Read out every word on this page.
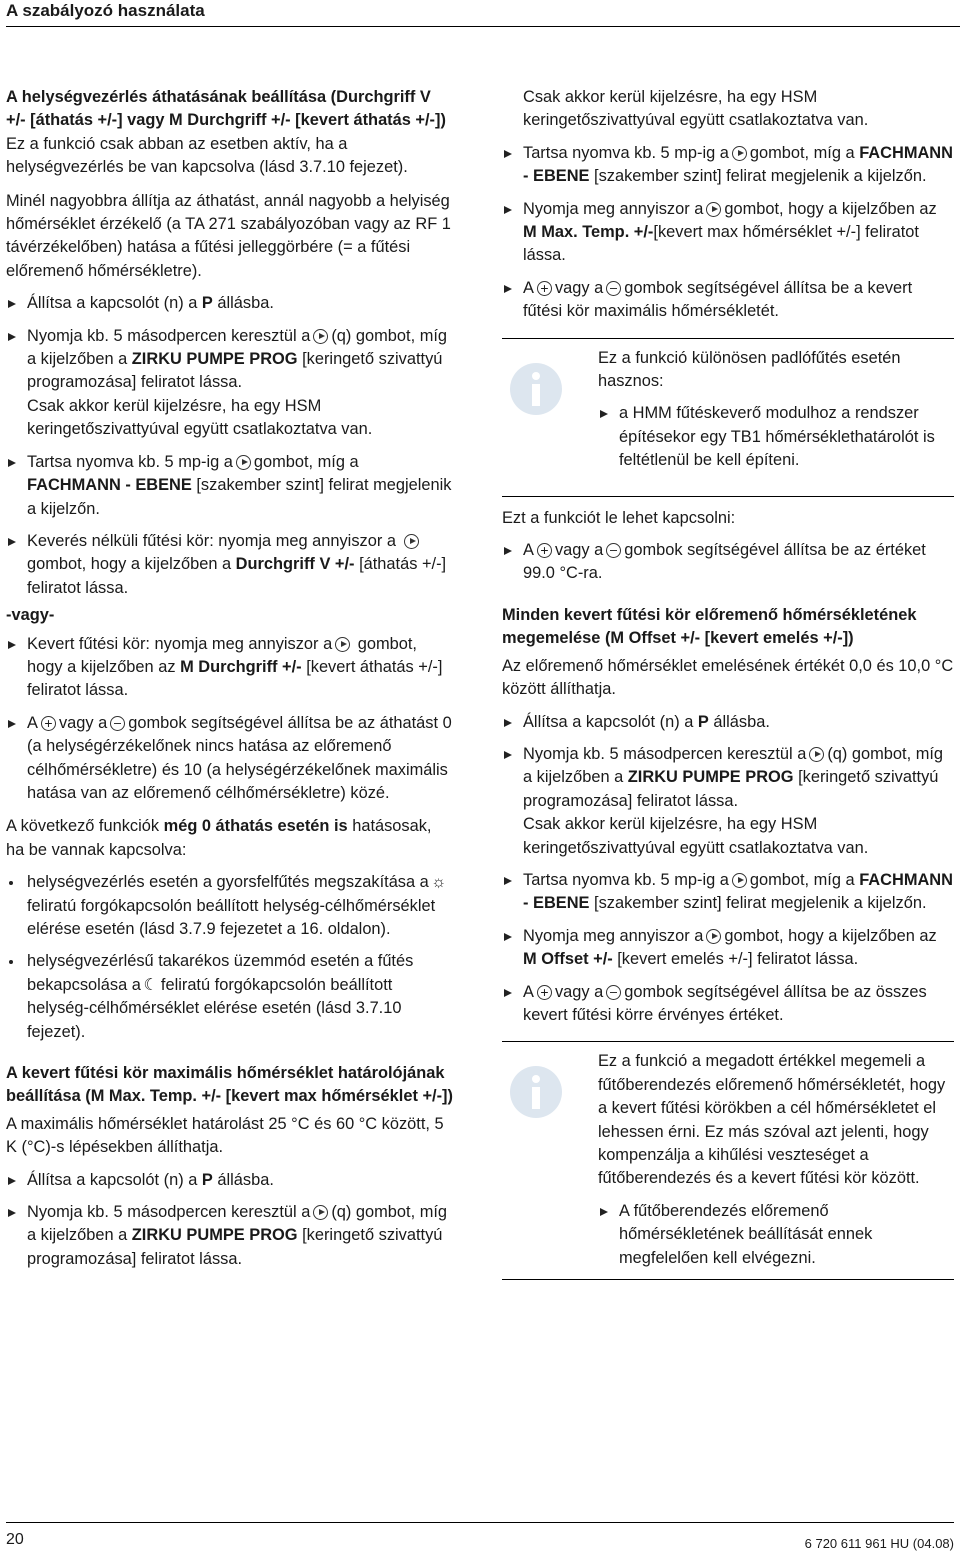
A szabályozó használata
A helységvezérlés áthatásának beállítása (Durchgriff V +/- [áthatás +/-] vagy M Durchgriff +/- [kevert áthatás +/-])

Ez a funkció csak abban az esetben aktív, ha a helységvezérlés be van kapcsolva (lásd 3.7.10 fejezet).

Minél nagyobbra állítja az áthatást, annál nagyobb a helyiség hőmérséklet érzékelő (a TA 271 szabályozóban vagy az RF 1 távérzékelőben) hatása a fűtési jelleggörbére (= a fűtési előremenő hőmérsékletre).

Állítsa a kapcsolót (n) a P állásba.
Nyomja kb. 5 másodpercen keresztül a (q) gombot, míg a kijelzőben a ZIRKU PUMPE PROG [keringető szivattyú programozása] feliratot lássa.
Csak akkor kerül kijelzésre, ha egy HSM keringetőszivattyúval együtt csatlakoztatva van.
Tartsa nyomva kb. 5 mp-ig a gombot, míg a FACHMANN - EBENE [szakember szint] felirat megjelenik a kijelzőn.
Keverés nélküli fűtési kör: nyomja meg annyiszor a gombot, hogy a kijelzőben a Durchgriff V +/- [áthatás +/-] feliratot lássa.

-vagy-

Kevert fűtési kör: nyomja meg annyiszor a gombot, hogy a kijelzőben az M Durchgriff +/- [kevert áthatás +/-] feliratot lássa.
A + vagy a gombok segítségével állítsa be az áthatást 0 (a helységérzékelőnek nincs hatása az előremenő célhőmérsékletre) és 10 (a helységérzékelőnek maximális hatása van az előremenő célhőmérsékletre) közé.

A következő funkciók még 0 áthatás esetén is hatásosak, ha be vannak kapcsolva:

helységvezérlés esetén a gyorsfelfűtés megszakítása a ☼feliratú forgókapcsolón beállított helység-célhőmérséklet elérése esetén (lásd 3.7.9 fejezetet a 16. oldalon).
helységvezérlésű takarékos üzemmód esetén a fűtés bekapcsolása a ☾ feliratú forgókapcsolón beállított helység-célhőmérséklet elérése esetén (lásd 3.7.10 fejezet).
A kevert fűtési kör maximális hőmérséklet határolójának beállítása (M Max. Temp. +/- [kevert max hőmérséklet +/-])

A maximális hőmérséklet határolást 25 °C és 60 °C között, 5 K (°C)-s lépésekben állíthatja.

Állítsa a kapcsolót (n) a P állásba.
Nyomja kb. 5 másodpercen keresztül a (q) gombot, míg a kijelzőben a ZIRKU PUMPE PROG [keringető szivattyú programozása] feliratot lássa.

Csak akkor kerül kijelzésre, ha egy HSM keringetőszivattyúval együtt csatlakoztatva van.

Tartsa nyomva kb. 5 mp-ig a gombot, míg a FACHMANN - EBENE [szakember szint] felirat megjelenik a kijelzőn.
Nyomja meg annyiszor a gombot, hogy a kijelzőben az M Max. Temp. +/-[kevert max hőmérséklet +/-] feliratot lássa.
A + vagy a gombok segítségével állítsa be a kevert fűtési kör maximális hőmérsékletét.

Ez a funkció különösen padlófűtés esetén hasznos:

a HMM fűtéskeverő modulhoz a rendszer építésekor egy TB1 hőmérséklethatárolót is feltétlenül be kell építeni.

Ezt a funkciót le lehet kapcsolni:

A + vagy a gombok segítségével állítsa be az értéket 99.0 °C-ra.
Minden kevert fűtési kör előremenő hőmérsékletének megemelése (M Offset +/- [kevert emelés +/-])

Az előremenő hőmérséklet emelésének értékét 0,0 és 10,0 °C között állíthatja.

Állítsa a kapcsolót (n) a P állásba.
Nyomja kb. 5 másodpercen keresztül a (q) gombot, míg a kijelzőben a ZIRKU PUMPE PROG [keringető szivattyú programozása] feliratot lássa.
Csak akkor kerül kijelzésre, ha egy HSM keringetőszivattyúval együtt csatlakoztatva van.
Tartsa nyomva kb. 5 mp-ig a gombot, míg a FACHMANN - EBENE [szakember szint] felirat megjelenik a kijelzőn.
Nyomja meg annyiszor a gombot, hogy a kijelzőben az M Offset +/- [kevert emelés +/-] feliratot lássa.
A + vagy a gombok segítségével állítsa be az összes kevert fűtési körre érvényes értéket.

Ez a funkció a megadott értékkel megemeli a fűtőberendezés előremenő hőmérsékletét, hogy a kevert fűtési körökben a cél hőmérsékletet el lehessen érni. Ez más szóval azt jelenti, hogy kompenzálja a kihűlési veszteséget a fűtőberendezés és a kevert fűtési kör között.

A fűtőberendezés előremenő hőmérsékletének beállítását ennek megfelelően kell elvégezni.
20	6 720 611 961 HU (04.08)
